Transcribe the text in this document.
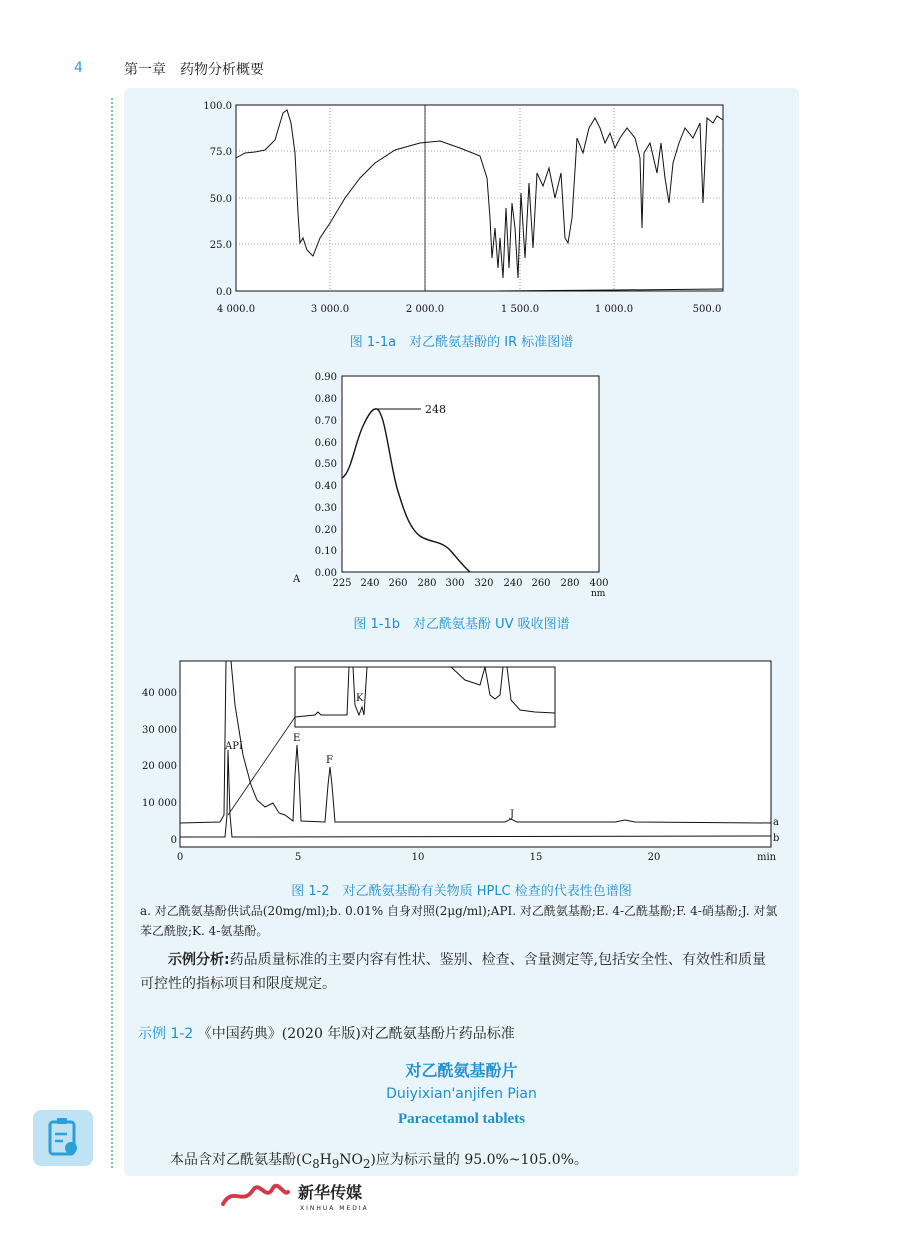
4	第一章　药物分析概要
100.0
75.0
50.0
25.0
0.0
4 000.0	3 000.0	2 000.0	1 500.0	1 000.0	500.0
图 1-1a　对乙酰氨基酚的 IR 标准图谱
0.90
0.80
0.70
0.60
0.50
0.40
0.30
0.20
0.10
0.00
A	225 240 260 280 300 320 240 260 280 400
nm
248
图 1-1b　对乙酰氨基酚 UV 吸收图谱
40 000
30 000
20 000
10 000
0
0	5	10	15	20	min
K
API
E
F
J
a
b
图 1-2　对乙酰氨基酚有关物质 HPLC 检查的代表性色谱图
a. 对乙酰氨基酚供试品(20mg/ml);b. 0.01% 自身对照(2μg/ml);API. 对乙酰氨基酚;E. 4-乙酰基酚;F. 4-硝基酚;J. 对氯苯乙酰胺;K. 4-氨基酚。
示例分析:药品质量标准的主要内容有性状、鉴别、检查、含量测定等,包括安全性、有效性和质量可控性的指标项目和限度规定。
示例 1-2 《中国药典》(2020 年版)对乙酰氨基酚片药品标准
对乙酰氨基酚片
Duiyixian'anjifen Pian
Paracetamol tablets
本品含对乙酰氨基酚$(C_8H_9NO_2)$应为标示量的 95.0%~105.0%。
新华传媒
XINHUA MEDIA
